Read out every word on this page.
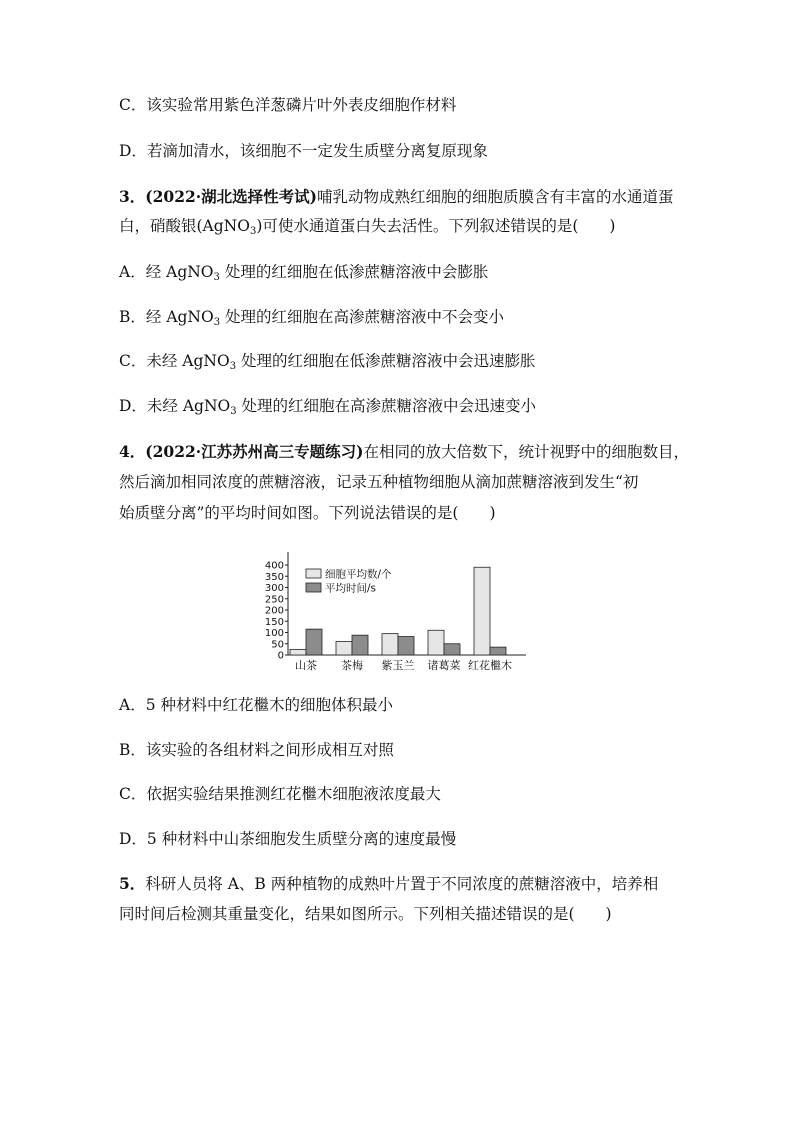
C．该实验常用紫色洋葱磷片叶外表皮细胞作材料
D．若滴加清水，该细胞不一定发生质壁分离复原现象
3．(2022·湖北选择性考试)哺乳动物成熟红细胞的细胞质膜含有丰富的水通道蛋
白，硝酸银(AgNO$_3$)可使水通道蛋白失去活性。下列叙述错误的是(　　)
A．经 AgNO$_3$ 处理的红细胞在低渗蔗糖溶液中会膨胀
B．经 AgNO$_3$ 处理的红细胞在高渗蔗糖溶液中不会变小
C．未经 AgNO$_3$ 处理的红细胞在低渗蔗糖溶液中会迅速膨胀
D．未经 AgNO$_3$ 处理的红细胞在高渗蔗糖溶液中会迅速变小
4．(2022·江苏苏州高三专题练习)在相同的放大倍数下，统计视野中的细胞数目，
然后滴加相同浓度的蔗糖溶液，记录五种植物细胞从滴加蔗糖溶液到发生“初
始质壁分离”的平均时间如图。下列说法错误的是(　　)
0
50
100
150
200
250
300
350
400
山茶 茶梅 紫玉兰 诸葛菜 红花檵木
细胞平均数/个
平均时间/s
A．5 种材料中红花檵木的细胞体积最小
B．该实验的各组材料之间形成相互对照
C．依据实验结果推测红花檵木细胞液浓度最大
D．5 种材料中山茶细胞发生质壁分离的速度最慢
5．科研人员将 A、B 两种植物的成熟叶片置于不同浓度的蔗糖溶液中，培养相
同时间后检测其重量变化，结果如图所示。下列相关描述错误的是(　　)
